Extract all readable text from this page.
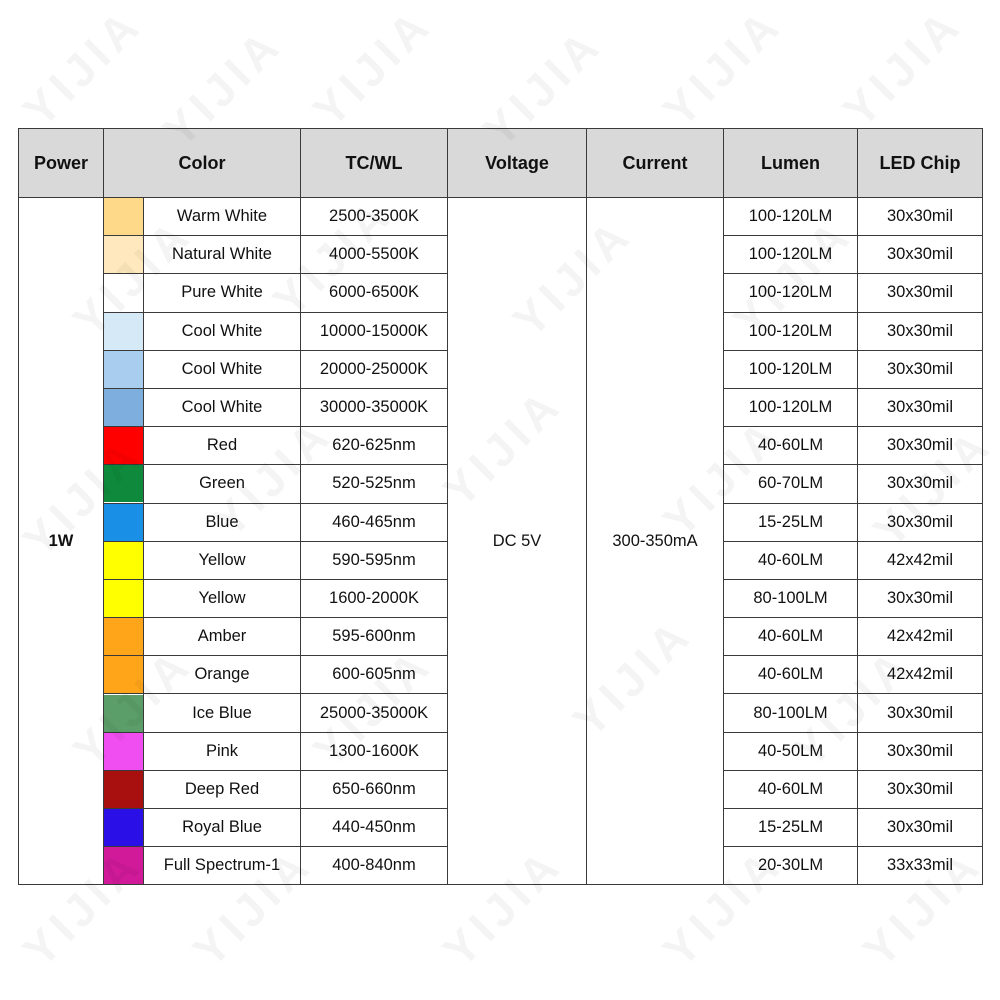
Power	Color		TC/WL	Voltage	Current	Lumen	LED Chip
1W		Warm White	2500-3500K	DC 5V	300-350mA	100-120LM	30x30mil

		Natural White	4000-5500K			100-120LM	30x30mil

		Pure White	6000-6500K			100-120LM	30x30mil

		Cool White	10000-15000K			100-120LM	30x30mil

		Cool White	20000-25000K			100-120LM	30x30mil

		Cool White	30000-35000K			100-120LM	30x30mil

		Red	620-625nm			40-60LM	30x30mil

		Green	520-525nm			60-70LM	30x30mil

		Blue	460-465nm			15-25LM	30x30mil

		Yellow	590-595nm			40-60LM	42x42mil

		Yellow	1600-2000K			80-100LM	30x30mil

		Amber	595-600nm			40-60LM	42x42mil

		Orange	600-605nm			40-60LM	42x42mil

		Ice Blue	25000-35000K			80-100LM	30x30mil

		Pink	1300-1600K			40-50LM	30x30mil

		Deep Red	650-660nm			40-60LM	30x30mil

		Royal Blue	440-450nm			15-25LM	30x30mil

		Full Spectrum-1	400-840nm			20-30LM	33x33mil
